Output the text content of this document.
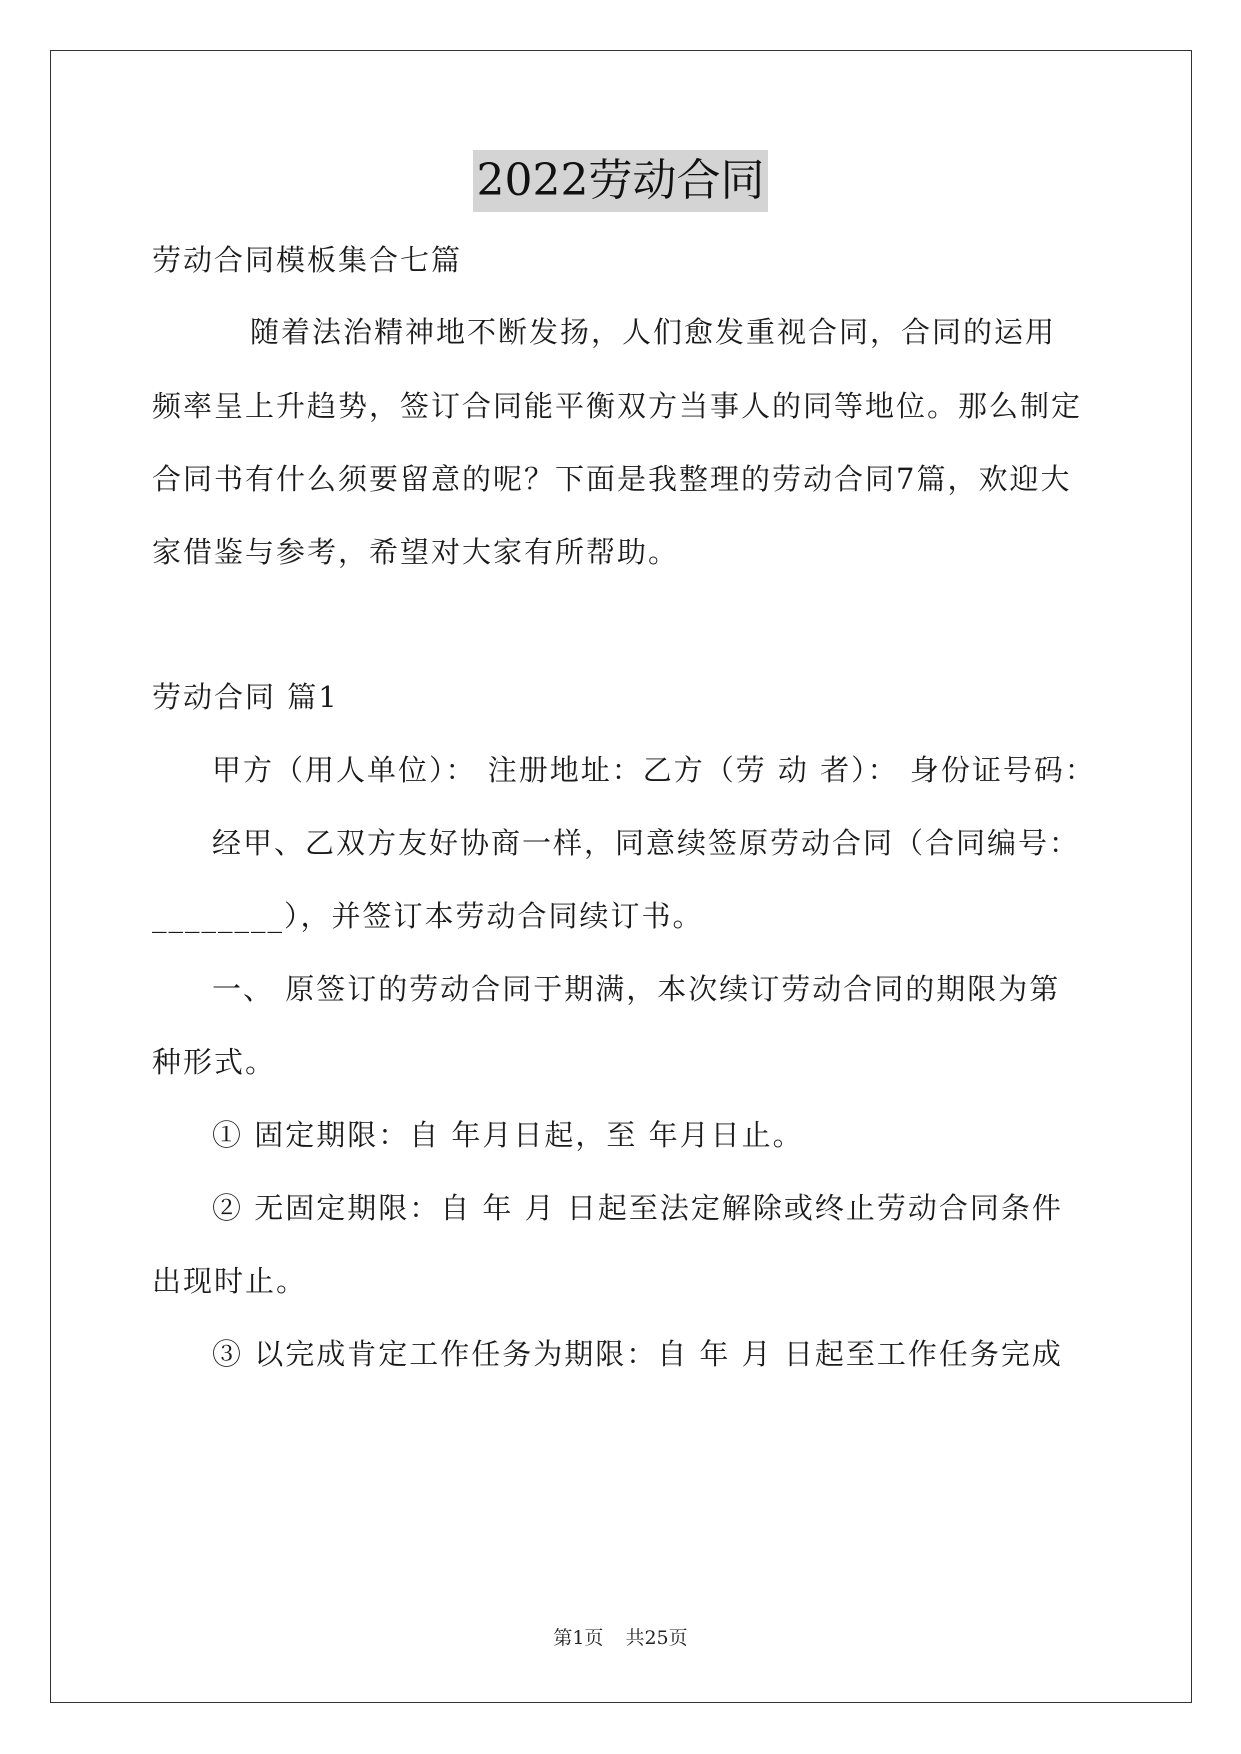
2022劳动合同

劳动合同模板集合七篇

随着法治精神地不断发扬，人们愈发重视合同，合同的运用

频率呈上升趋势，签订合同能平衡双方当事人的同等地位。那么制定

合同书有什么须要留意的呢？下面是我整理的劳动合同7篇，欢迎大

家借鉴与参考，希望对大家有所帮助。

劳动合同 篇1

甲方（用人单位）： 注册地址：乙方（劳 动 者）： 身份证号码：

经甲、乙双方友好协商一样，同意续签原劳动合同（合同编号：

________），并签订本劳动合同续订书。

一、 原签订的劳动合同于期满，本次续订劳动合同的期限为第

种形式。

① 固定期限：自 年月日起，至 年月日止。

② 无固定期限：自 年 月 日起至法定解除或终止劳动合同条件

出现时止。

③ 以完成肯定工作任务为期限：自 年 月 日起至工作任务完成

第1页 共25页
